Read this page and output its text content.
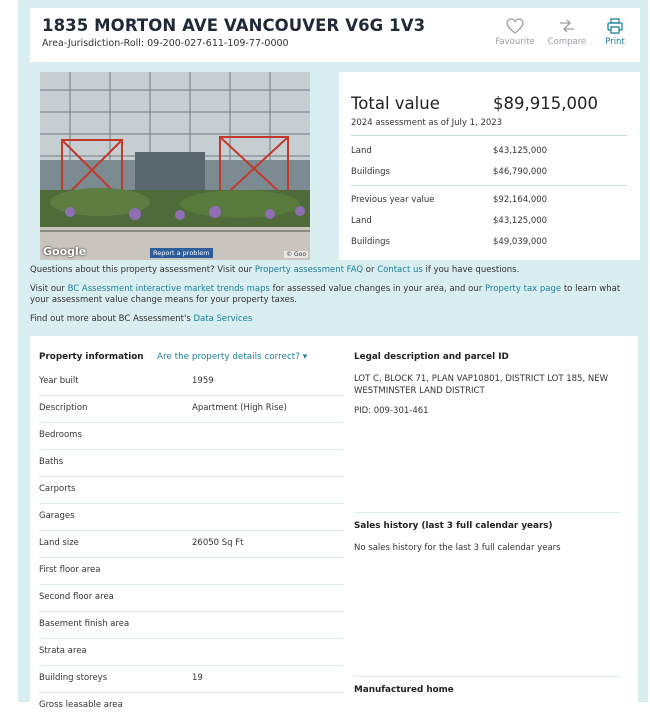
1835 MORTON AVE VANCOUVER V6G 1V3
Area-Jurisdiction-Roll: 09-200-027-611-109-77-0000	Favourite	Compare	Print
Google	Report a problem	© Goo
Total value	$89,915,000
2024 assessment as of July 1, 2023
Land	$43,125,000
Buildings	$46,790,000
Previous year value	$92,164,000
Land	$43,125,000
Buildings	$49,039,000
Questions about this property assessment? Visit our Property assessment FAQ or Contact us if you have questions.
Visit our BC Assessment interactive market trends maps for assessed value changes in your area, and our Property tax page to learn what your assessment value change means for your property taxes.
Find out more about BC Assessment's Data Services
Property information Are the property details correct? ▾
Year built	1959
Description	Apartment (High Rise)
Bedrooms
Baths
Carports
Garages
Land size	26050 Sq Ft
First floor area
Second floor area
Basement finish area
Strata area
Building storeys	19
Gross leasable area
Legal description and parcel ID
LOT C, BLOCK 71, PLAN VAP10801, DISTRICT LOT 185, NEW WESTMINSTER LAND DISTRICT
PID: 009-301-461
Sales history (last 3 full calendar years)
No sales history for the last 3 full calendar years
Manufactured home
